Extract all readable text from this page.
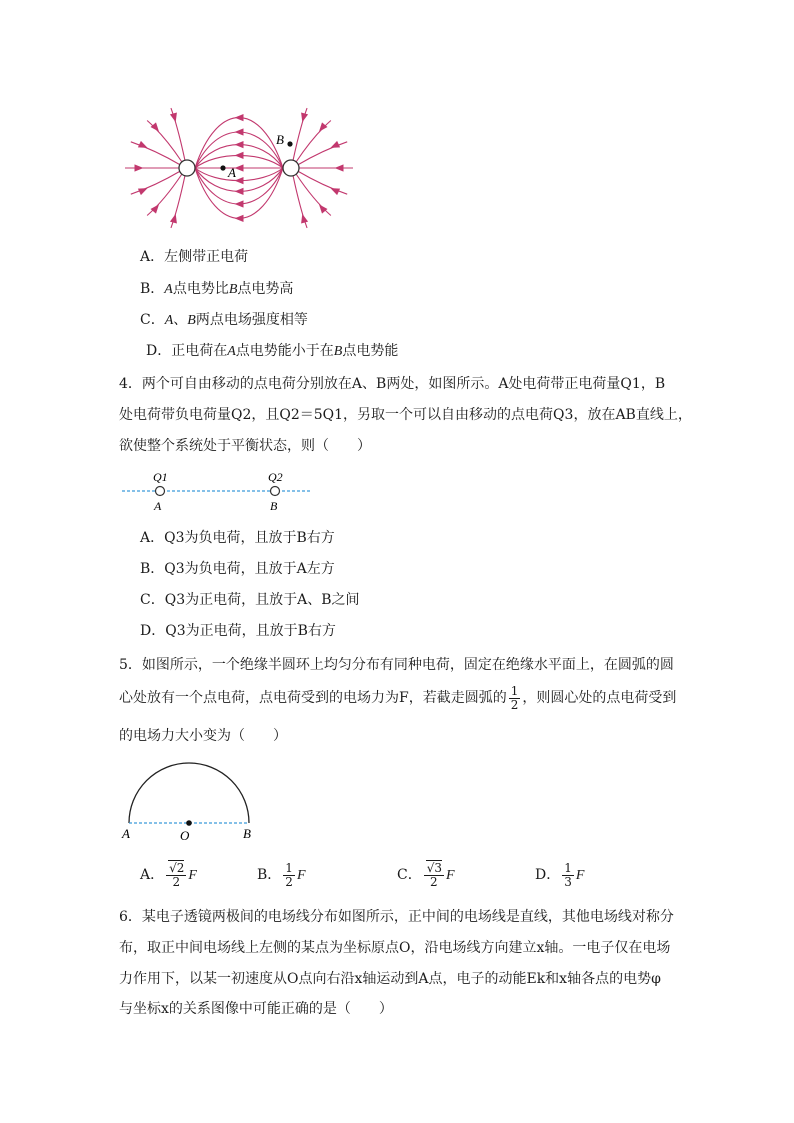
A
B
A．左侧带正电荷
B．A点电势比B点电势高
C．A、B两点电场强度相等
D．正电荷在A点电势能小于在B点电势能
4．两个可自由移动的点电荷分别放在A、B两处，如图所示。A处电荷带正电荷量Q1，B
处电荷带负电荷量Q2，且Q2＝5Q1，另取一个可以自由移动的点电荷Q3，放在AB直线上，
欲使整个系统处于平衡状态，则（　　）
Q1	Q2
A	B
A．Q3为负电荷，且放于B右方
B．Q3为负电荷，且放于A左方
C．Q3为正电荷，且放于A、B之间
D．Q3为正电荷，且放于B右方
5．如图所示，一个绝缘半圆环上均匀分布有同种电荷，固定在绝缘水平面上，在圆弧的圆
心处放有一个点电荷，点电荷受到的电场力为F，若截走圆弧的 $\frac{1}{2}$ ，则圆心处的点电荷受到
的电场力大小变为（　　）
A	O	B
A． $\frac{√2}{2}$ F	B． $\frac{1}{2}$ F	C． $\frac{√3}{2}$ F	D． $\frac{1}{3}$ F
6．某电子透镜两极间的电场线分布如图所示，正中间的电场线是直线，其他电场线对称分
布，取正中间电场线上左侧的某点为坐标原点O，沿电场线方向建立x轴。一电子仅在电场
力作用下，以某一初速度从O点向右沿x轴运动到A点，电子的动能Ek和x轴各点的电势φ
与坐标x的关系图像中可能正确的是（　　）
